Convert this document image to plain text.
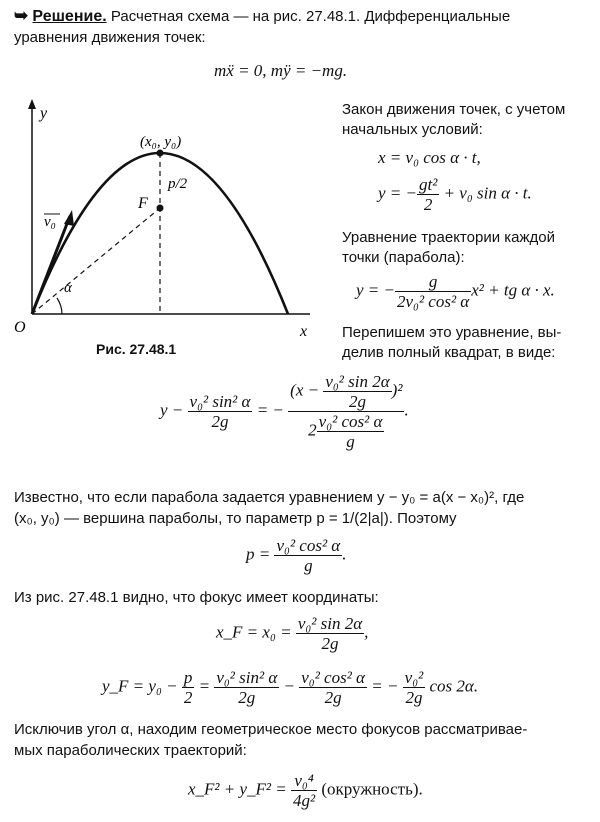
➥ Решение. Расчетная схема — на рис. 27.48.1. Дифференциальные
уравнения движения точек:
mẍ = 0, mÿ = −mg.
y
x
O
(x₀, y₀)
F
p/2
v₀
α
Рис. 27.48.1
Закон движения точек, с учетом
начальных условий:
x = v₀ cos α · t,
y = − $\frac{\text{gt²}}{2} + v_0$ sin α · t.
Уравнение траектории каждой
точки (парабола):
y = − $\frac{g}{\text{2v₀² cos² α}} x^2$ + tg α · x.
Перепишем это уравнение, вы-
делив полный квадрат, в виде:
$y - \frac{\text{v₀² sin² α}}{2g}$ = − $\frac{(x - \frac{\text{v₀² sin 2α}}{2g} )^2}{2 \frac{\text{v₀² cos² α}}{g}}$ .
Известно, что если парабола задается уравнением y − y₀ = a(x − x₀)², где
(x₀, y₀) — вершина параболы, то параметр p = 1/(2|a|). Поэтому
$p = \frac{\text{v₀² cos² α}}{g}$ .
Из рис. 27.48.1 видно, что фокус имеет координаты:
x_F = $x_0 = \frac{\text{v₀² sin 2α}}{2g}$ ,
y_F = $y_0 - \frac{p}{2} = \frac{\text{v₀² sin² α}}{2g} - \frac{\text{v₀² cos² α}}{2g}$ = − $\frac{\text{v₀²}}{2g}$ cos 2α.
Исключив угол α, находим геометрическое место фокусов рассматривае-
мых параболических траекторий:
x_F² + y_F² = $\frac{\text{v₀⁴}}{\text{4g²}}$ (окружность).
